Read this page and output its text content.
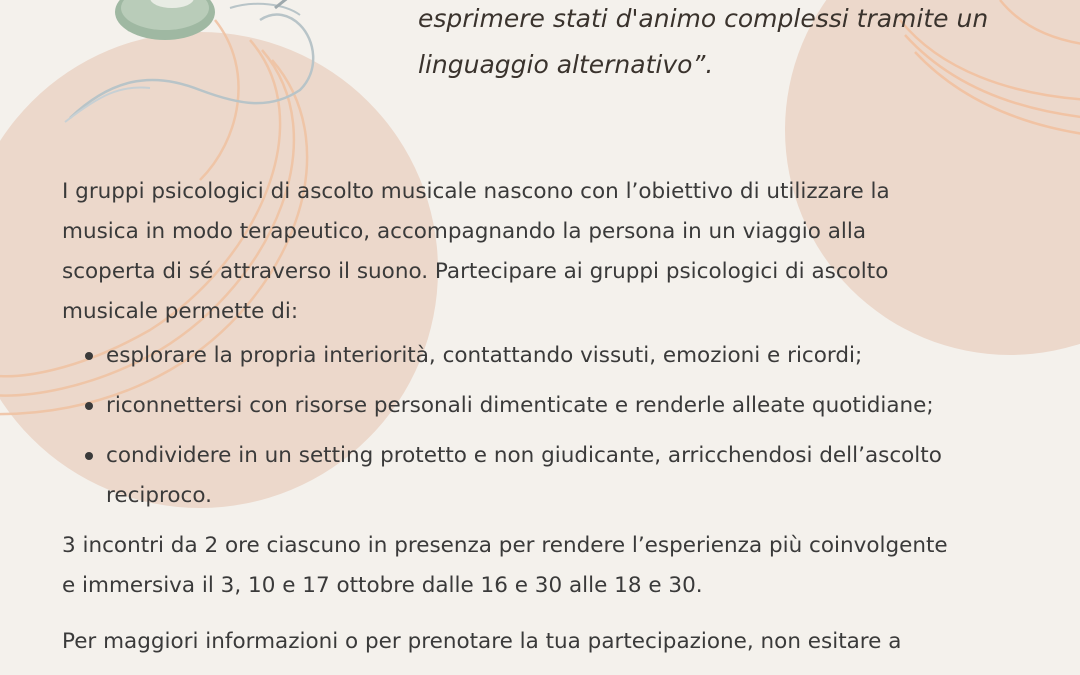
esprimere stati d'animo complessi tramite un
linguaggio alternativo”.

I gruppi psicologici di ascolto musicale nascono con l’obiettivo di utilizzare la
musica in modo terapeutico, accompagnando la persona in un viaggio alla
scoperta di sé attraverso il suono. Partecipare ai gruppi psicologici di ascolto
musicale permette di:

esplorare la propria interiorità, contattando vissuti, emozioni e ricordi;
riconnettersi con risorse personali dimenticate e renderle alleate quotidiane;
condividere in un setting protetto e non giudicante, arricchendosi dell’ascolto
reciproco.

3 incontri da 2 ore ciascuno in presenza per rendere l’esperienza più coinvolgente
e immersiva il 3, 10 e 17 ottobre dalle 16 e 30 alle 18 e 30.

Per maggiori informazioni o per prenotare la tua partecipazione, non esitare a
